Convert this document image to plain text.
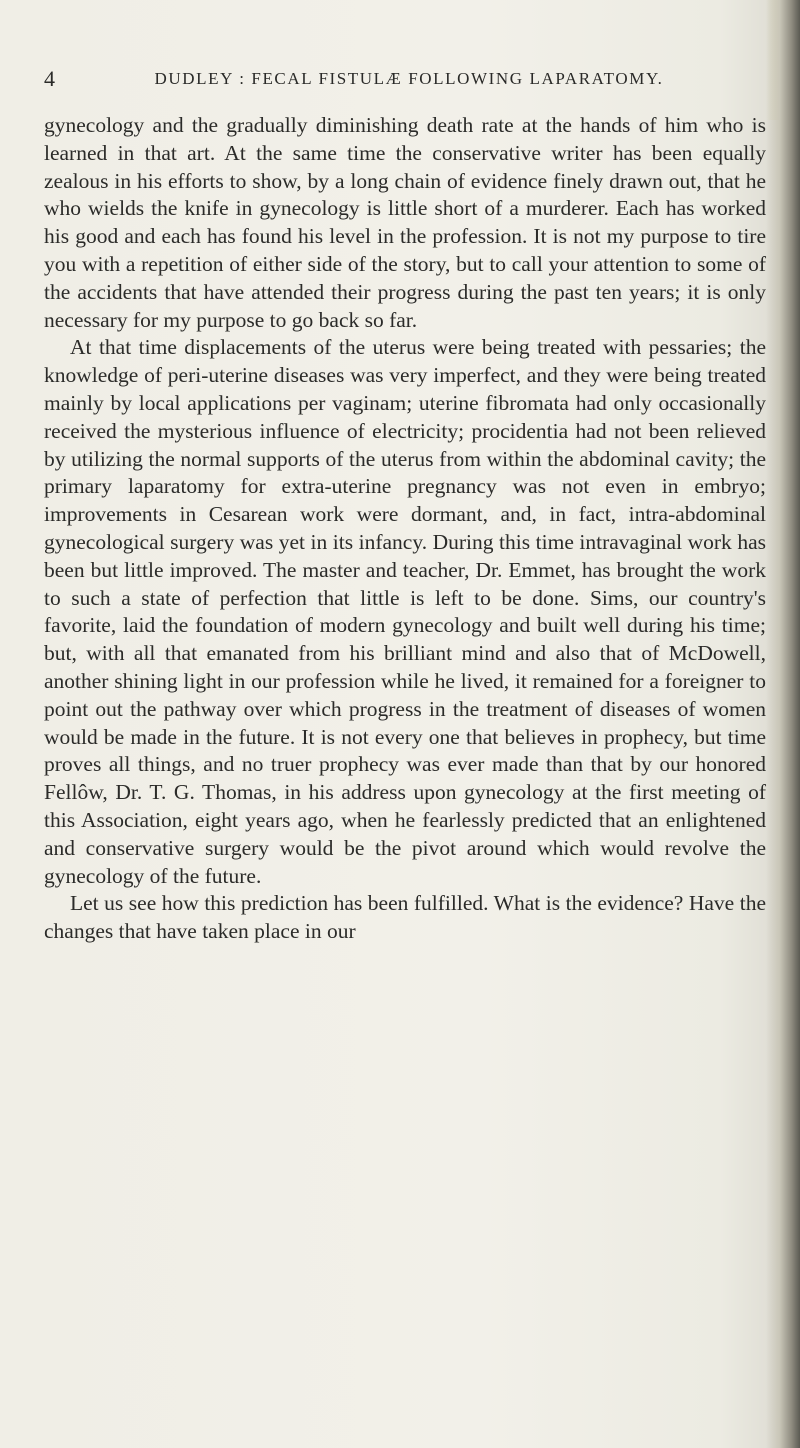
4	DUDLEY : FECAL FISTULÆ FOLLOWING LAPARATOMY.

gynecology and the gradually diminishing death rate at the hands of him who is learned in that art. At the same time the conservative writer has been equally zealous in his efforts to show, by a long chain of evidence finely drawn out, that he who wields the knife in gynecology is little short of a murderer. Each has worked his good and each has found his level in the profession. It is not my purpose to tire you with a repetition of either side of the story, but to call your attention to some of the accidents that have attended their progress during the past ten years; it is only necessary for my purpose to go back so far.

At that time displacements of the uterus were being treated with pessaries; the knowledge of peri-uterine diseases was very imperfect, and they were being treated mainly by local applications per vaginam; uterine fibromata had only occasionally received the mysterious influence of electricity; procidentia had not been relieved by utilizing the normal supports of the uterus from within the abdominal cavity; the primary laparatomy for extra-uterine pregnancy was not even in embryo; improvements in Cesarean work were dormant, and, in fact, intra-abdominal gynecological surgery was yet in its infancy. During this time intravaginal work has been but little improved. The master and teacher, Dr. Emmet, has brought the work to such a state of perfection that little is left to be done. Sims, our country's favorite, laid the foundation of modern gynecology and built well during his time; but, with all that emanated from his brilliant mind and also that of McDowell, another shining light in our profession while he lived, it remained for a foreigner to point out the pathway over which progress in the treatment of diseases of women would be made in the future. It is not every one that believes in prophecy, but time proves all things, and no truer prophecy was ever made than that by our honored Fellôw, Dr. T. G. Thomas, in his address upon gynecology at the first meeting of this Association, eight years ago, when he fearlessly predicted that an enlightened and conservative surgery would be the pivot around which would revolve the gynecology of the future.

Let us see how this prediction has been fulfilled. What is the evidence? Have the changes that have taken place in our
